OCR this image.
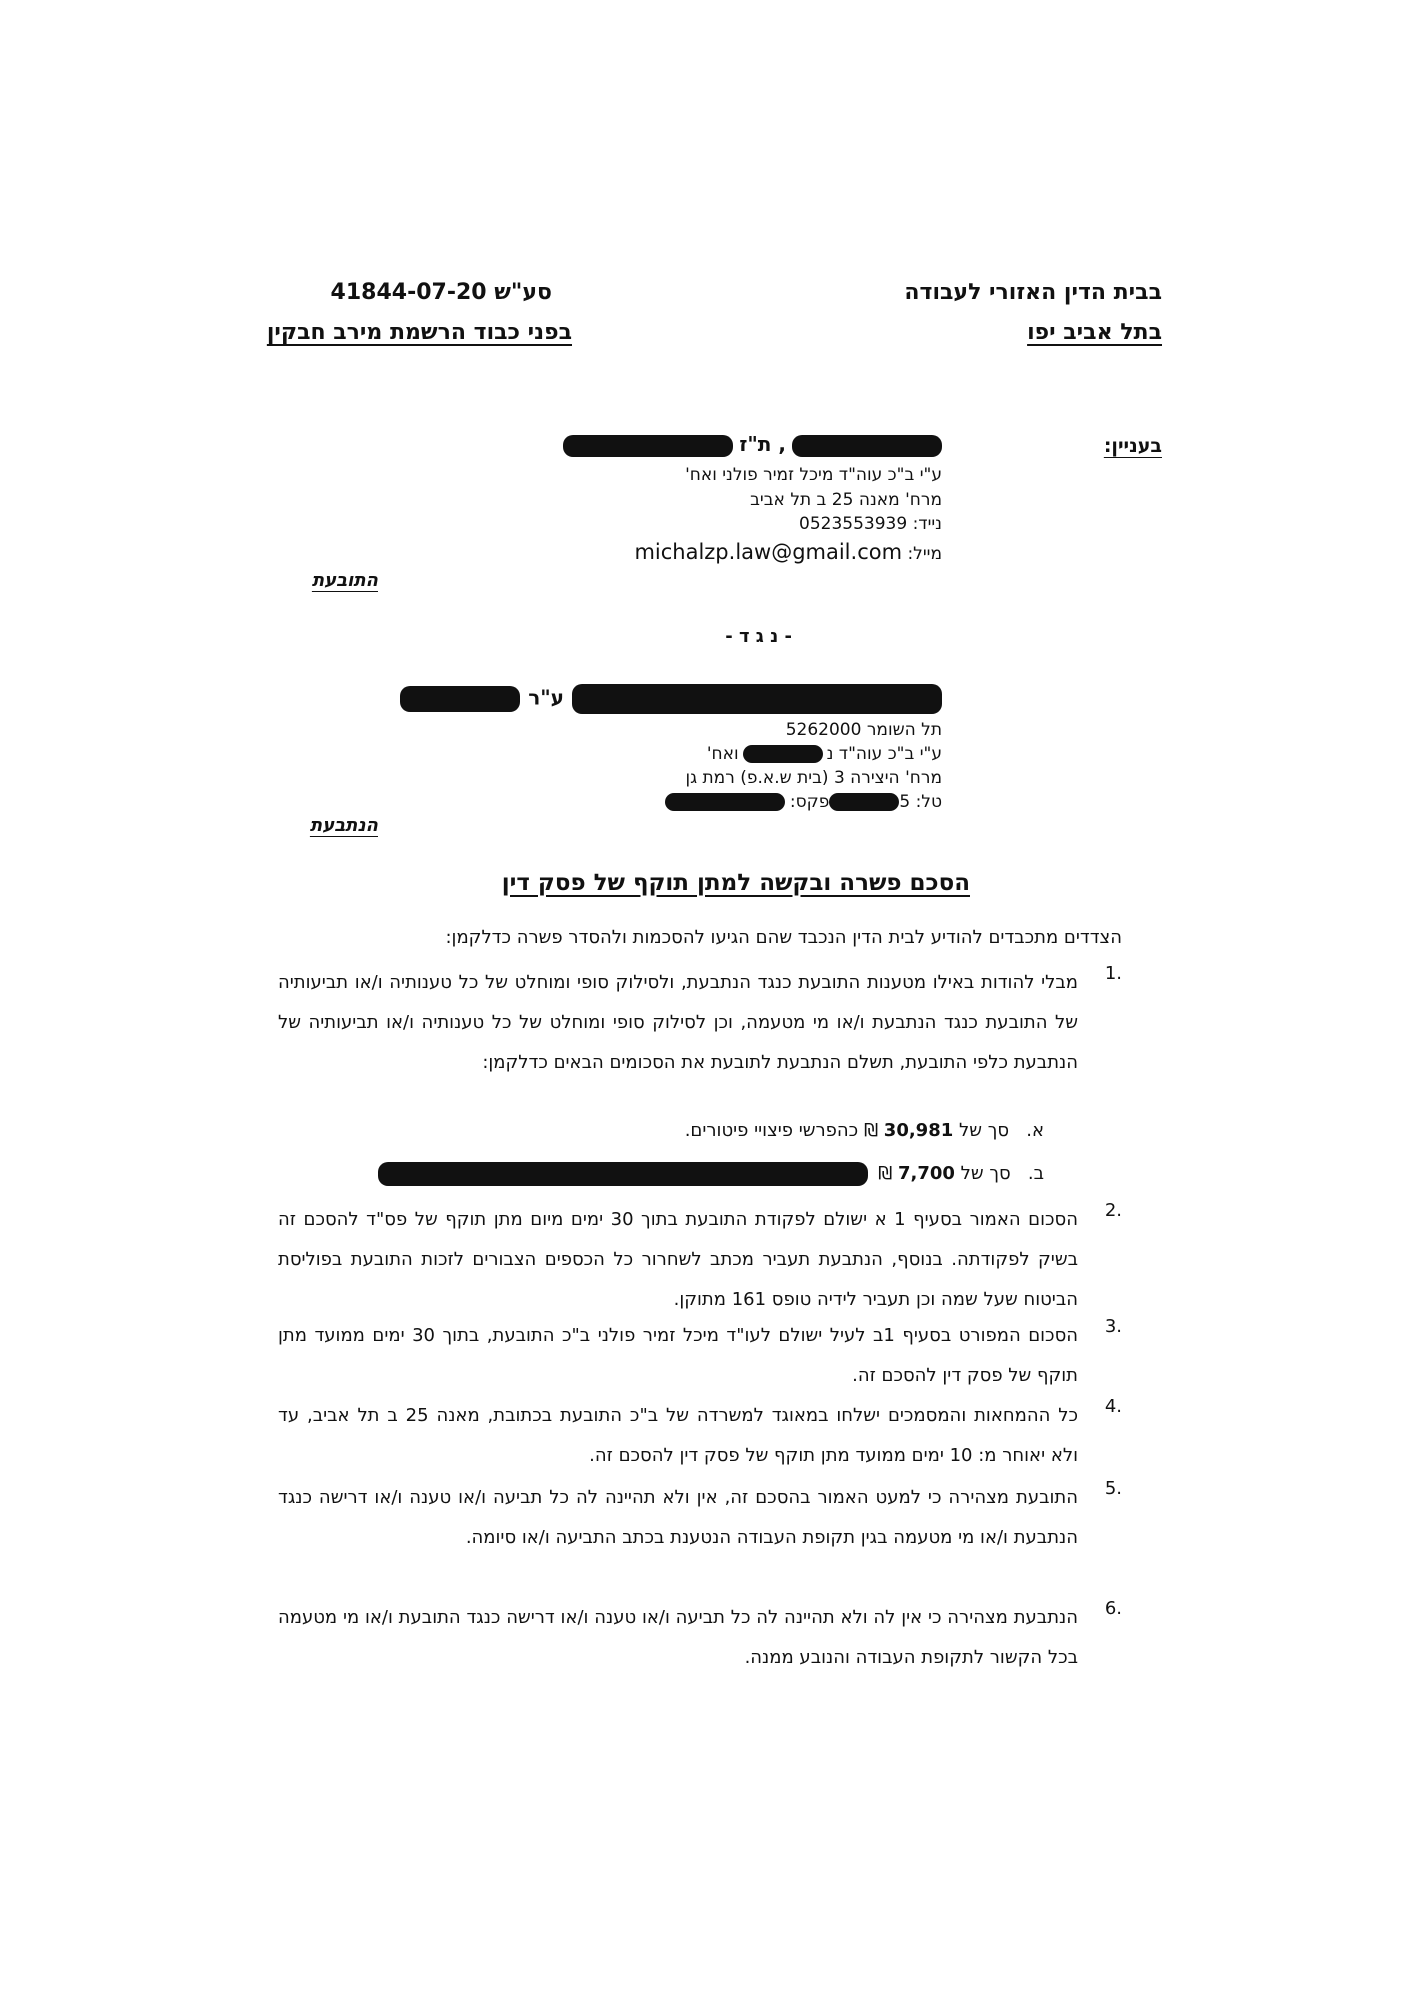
בבית הדין האזורי לעבודה
בתל אביב יפו
סע"ש 41844-07-20
בפני כבוד הרשמת מירב חבקין
בעניין:
, ת"ז
ע"י ב"כ עוה"ד מיכל זמיר פולני ואח'
מרח' מאנה 25 ב תל אביב
נייד: 0523553939
מייל: michalzp.law@gmail.com
התובעת
- נ ג ד -
ע"ר
תל השומר 5262000
ע"י ב"כ עוה"ד נואח'
מרח' היצירה 3 (בית ש.א.פ) רמת גן
טל: 5פקס:
הנתבעת
הסכם פשרה ובקשה למתן תוקף של פסק דין
הצדדים מתכבדים להודיע לבית הדין הנכבד שהם הגיעו להסכמות ולהסדר פשרה כדלקמן:
.1
מבלי להודות באילו מטענות התובעת כנגד הנתבעת, ולסילוק סופי ומוחלט של כל טענותיה ו/או תביעותיה של התובעת כנגד הנתבעת ו/או מי מטעמה, וכן לסילוק סופי ומוחלט של כל טענותיה ו/או תביעותיה של הנתבעת כלפי התובעת, תשלם הנתבעת לתובעת את הסכומים הבאים כדלקמן:
א.   סך של 30,981 ₪ כהפרשי פיצויי פיטורים.
ב.   סך של 7,700 ₪
.2
הסכום האמור בסעיף 1 א ישולם לפקודת התובעת בתוך 30 ימים מיום מתן תוקף של פס"ד להסכם זה בשיק לפקודתה. בנוסף, הנתבעת תעביר מכתב לשחרור כל הכספים הצבורים לזכות התובעת בפוליסת הביטוח שעל שמה וכן תעביר לידיה טופס 161 מתוקן.
.3
הסכום המפורט בסעיף 1ב לעיל ישולם לעו"ד מיכל זמיר פולני ב"כ התובעת, בתוך 30 ימים ממועד מתן תוקף של פסק דין להסכם זה.
.4
כל ההמחאות והמסמכים ישלחו במאוגד למשרדה של ב"כ התובעת בכתובת, מאנה 25 ב תל אביב, עד ולא יאוחר מ: 10 ימים ממועד מתן תוקף של פסק דין להסכם זה.
.5
התובעת מצהירה כי למעט האמור בהסכם זה, אין ולא תהיינה לה כל תביעה ו/או טענה ו/או דרישה כנגד הנתבעת ו/או מי מטעמה בגין תקופת העבודה הנטענת בכתב התביעה ו/או סיומה.
.6
הנתבעת מצהירה כי אין לה ולא תהיינה לה כל תביעה ו/או טענה ו/או דרישה כנגד התובעת ו/או מי מטעמה בכל הקשור לתקופת העבודה והנובע ממנה.
